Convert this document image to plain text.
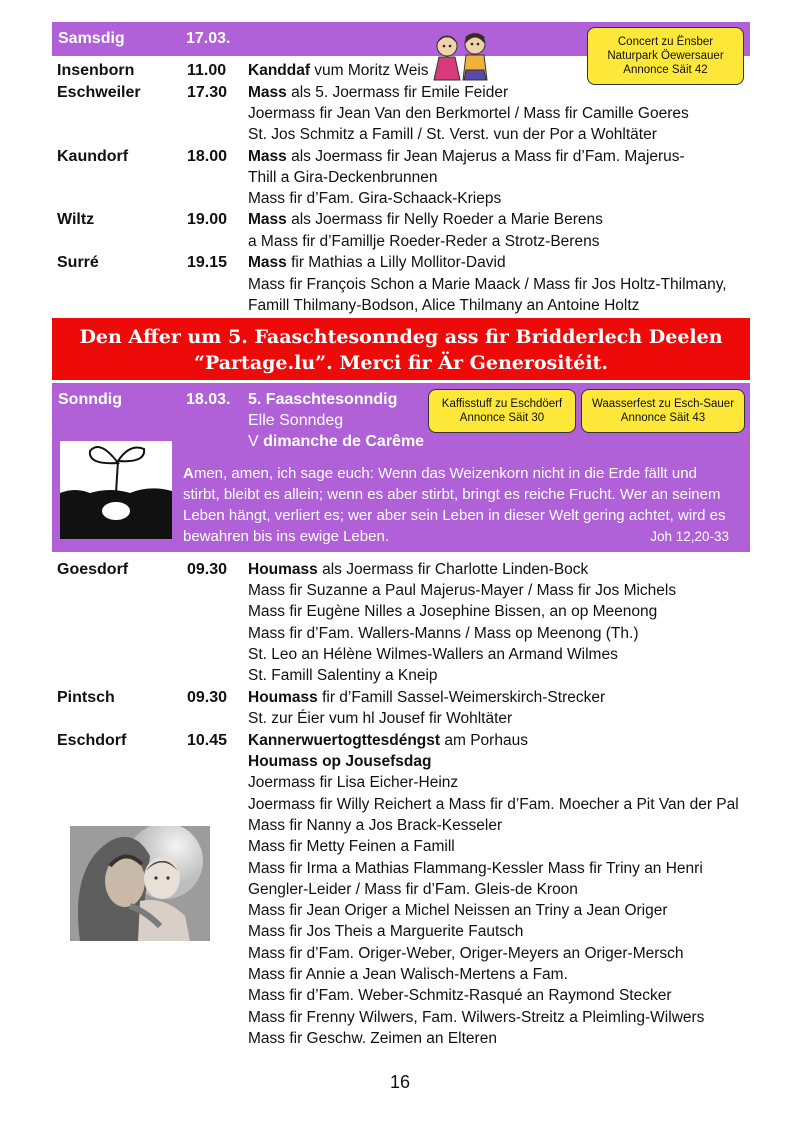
Samsdig	17.03.	Concert zu Ënsber
Naturpark Öewersauer
Annonce Säit 42
Insenborn	11.00 Kanddaf vum Moritz Weis
Eschweiler	17.30 Mass als 5. Joermass fir Emile Feider
Joermass fir Jean Van den Berkmortel / Mass fir Camille Goeres
St. Jos Schmitz a Famill / St. Verst. vun der Por a Wohltäter
Kaundorf	18.00 Mass als Joermass fir Jean Majerus a Mass fir d’Fam. Majerus-
Thill a Gira-Deckenbrunnen
Mass fir d’Fam. Gira-Schaack-Krieps
Wiltz	19.00 Mass als Joermass fir Nelly Roeder a Marie Berens
a Mass fir d’Famillje Roeder-Reder a Strotz-Berens
Surré	19.15 Mass fir Mathias a Lilly Mollitor-David
Mass fir François Schon a Marie Maack / Mass fir Jos Holtz-Thilmany,
Famill Thilmany-Bodson, Alice Thilmany an Antoine Holtz
Den Affer um 5. Faaschtesonndeg ass fir Bridderlech Deelen
“Partage.lu”. Merci fir Är Generositéit.
Sonndig	18.03. 5. Faaschtesonndig
Elle Sonndeg
V dimanche de Carême
Kaffisstuff zu Eschdöerf
Annonce Säit 30
Waasserfest zu Esch-Sauer
Annonce Säit 43
Amen, amen, ich sage euch: Wenn das Weizenkorn nicht in die Erde fällt und
stirbt, bleibt es allein; wenn es aber stirbt, bringt es reiche Frucht. Wer an seinem
Leben hängt, verliert es; wer aber sein Leben in dieser Welt gering achtet, wird es
bewahren bis ins ewige Leben.	Joh 12,20-33
Goesdorf	09.30 Houmass als Joermass fir Charlotte Linden-Bock
Mass fir Suzanne a Paul Majerus-Mayer / Mass fir Jos Michels
Mass fir Eugène Nilles a Josephine Bissen, an op Meenong
Mass fir d’Fam. Wallers-Manns / Mass op Meenong (Th.)
St. Leo an Hélène Wilmes-Wallers an Armand Wilmes
St. Famill Salentiny a Kneip
Pintsch	09.30 Houmass fir d’Famill Sassel-Weimerskirch-Strecker
St. zur Éier vum hl Jousef fir Wohltäter
Eschdorf	10.45 Kannerwuertogttesdéngst am Porhaus
Houmass op Jousefsdag
Joermass fir Lisa Eicher-Heinz
Joermass fir Willy Reichert a Mass fir d’Fam. Moecher a Pit Van der Pal
Mass fir Nanny a Jos Brack-Kesseler
Mass fir Metty Feinen a Famill
Mass fir Irma a Mathias Flammang-Kessler Mass fir Triny an Henri
Gengler-Leider / Mass fir d’Fam. Gleis-de Kroon
Mass fir Jean Origer a Michel Neissen an Triny a Jean Origer
Mass fir Jos Theis a Marguerite Fautsch
Mass fir d’Fam. Origer-Weber, Origer-Meyers an Origer-Mersch
Mass fir Annie a Jean Walisch-Mertens a Fam.
Mass fir d’Fam. Weber-Schmitz-Rasqué an Raymond Stecker
Mass fir Frenny Wilwers, Fam. Wilwers-Streitz a Pleimling-Wilwers
Mass fir Geschw. Zeimen an Elteren
16
